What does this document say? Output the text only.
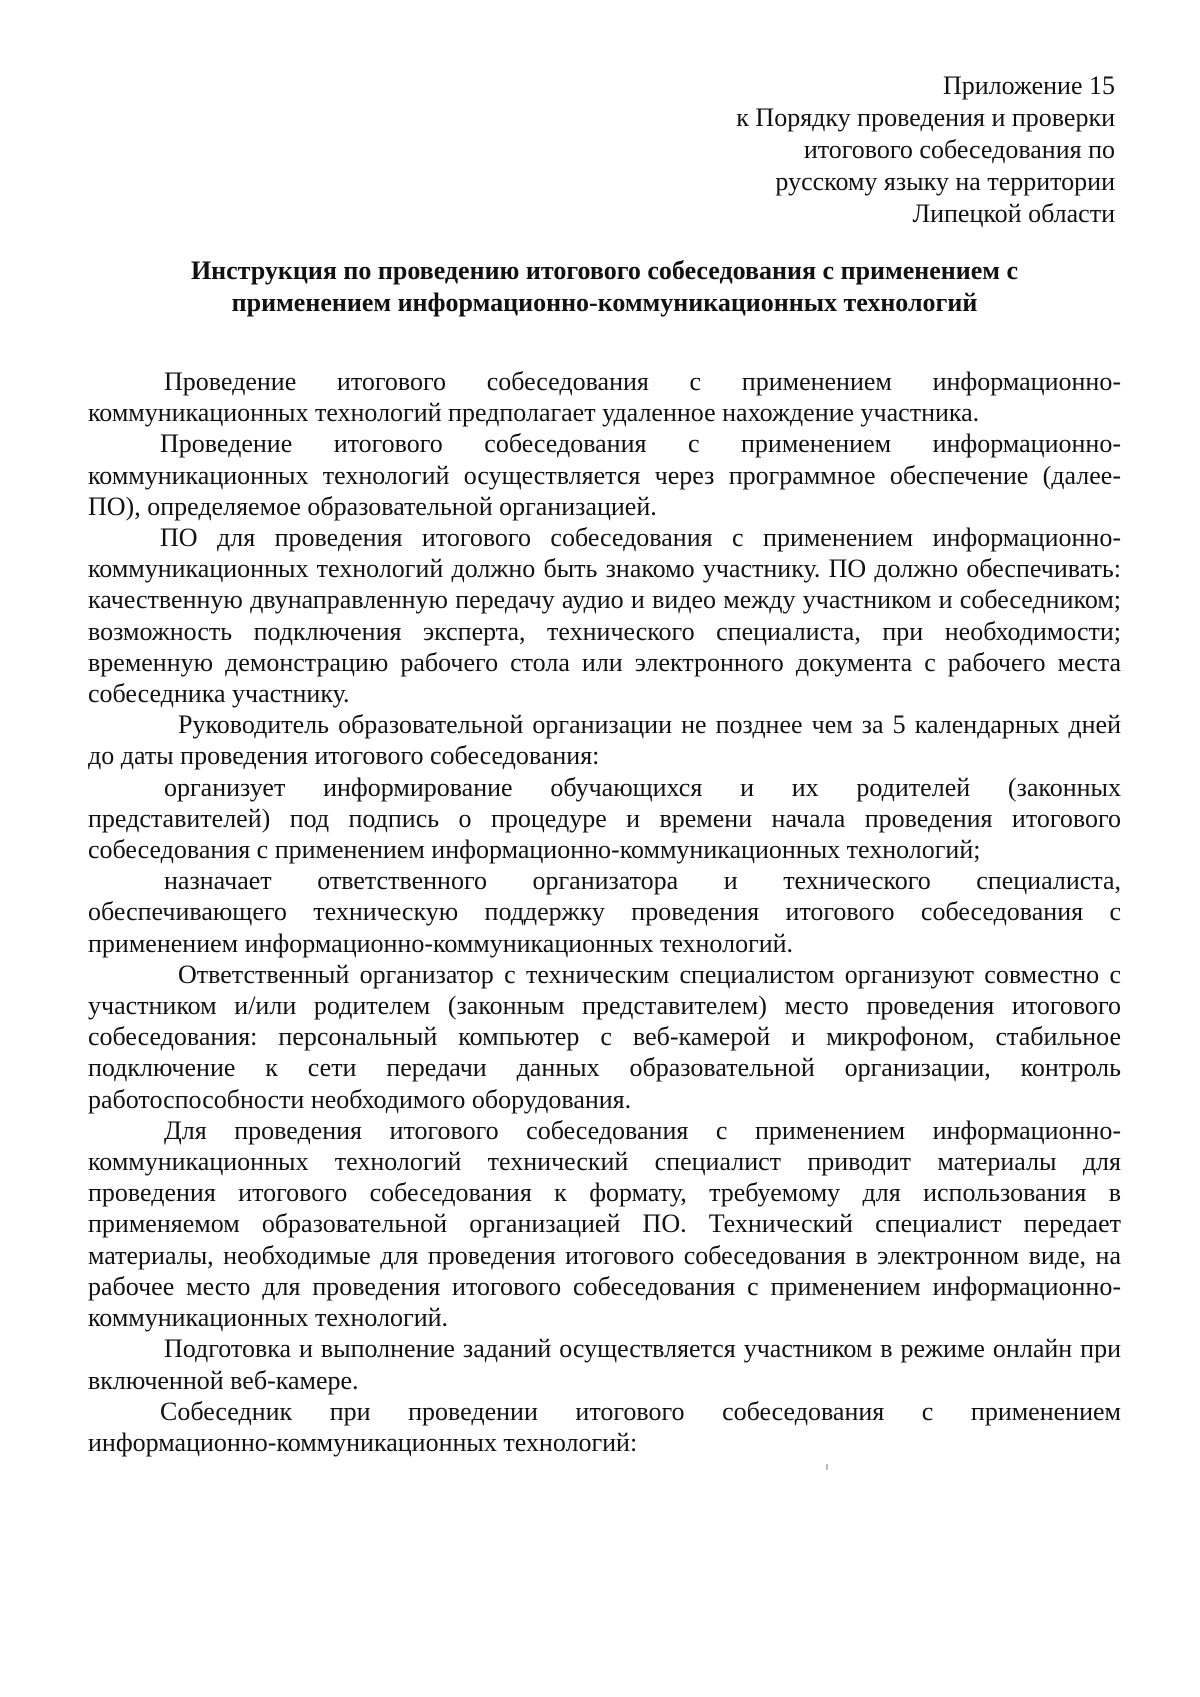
Приложение 15
к Порядку проведения и проверки
итогового собеседования по
русскому языку на территории
Липецкой области
Инструкция по проведению итогового собеседования с применением с
применением информационно-коммуникационных технологий

Проведение итогового собеседования с применением информационно-коммуникационных технологий предполагает удаленное нахождение участника.

Проведение итогового собеседования с применением информационно-коммуникационных технологий осуществляется через программное обеспечение (далее-ПО), определяемое образовательной организацией.

ПО для проведения итогового собеседования с применением информационно-коммуникационных технологий должно быть знакомо участнику. ПО должно обеспечивать: качественную двунаправленную передачу аудио и видео между участником и собеседником; возможность подключения эксперта, технического специалиста, при необходимости; временную демонстрацию рабочего стола или электронного документа с рабочего места собеседника участнику.

Руководитель образовательной организации не позднее чем за 5 календарных дней до даты проведения итогового собеседования:

организует информирование обучающихся и их родителей (законных представителей) под подпись о процедуре и времени начала проведения итогового собеседования с применением информационно-коммуникационных технологий;

назначает ответственного организатора и технического специалиста, обеспечивающего техническую поддержку проведения итогового собеседования с применением информационно-коммуникационных технологий.

Ответственный организатор с техническим специалистом организуют совместно с участником и/или родителем (законным представителем) место проведения итогового собеседования: персональный компьютер с веб-камерой и микрофоном, стабильное подключение к сети передачи данных образовательной организации, контроль работоспособности необходимого оборудования.

Для проведения итогового собеседования с применением информационно-коммуникационных технологий технический специалист приводит материалы для проведения итогового собеседования к формату, требуемому для использования в применяемом образовательной организацией ПО. Технический специалист передает материалы, необходимые для проведения итогового собеседования в электронном виде, на рабочее место для проведения итогового собеседования с применением информационно-коммуникационных технологий.

Подготовка и выполнение заданий осуществляется участником в режиме онлайн при включенной веб-камере.

Собеседник при проведении итогового собеседования с применением информационно-коммуникационных технологий:
